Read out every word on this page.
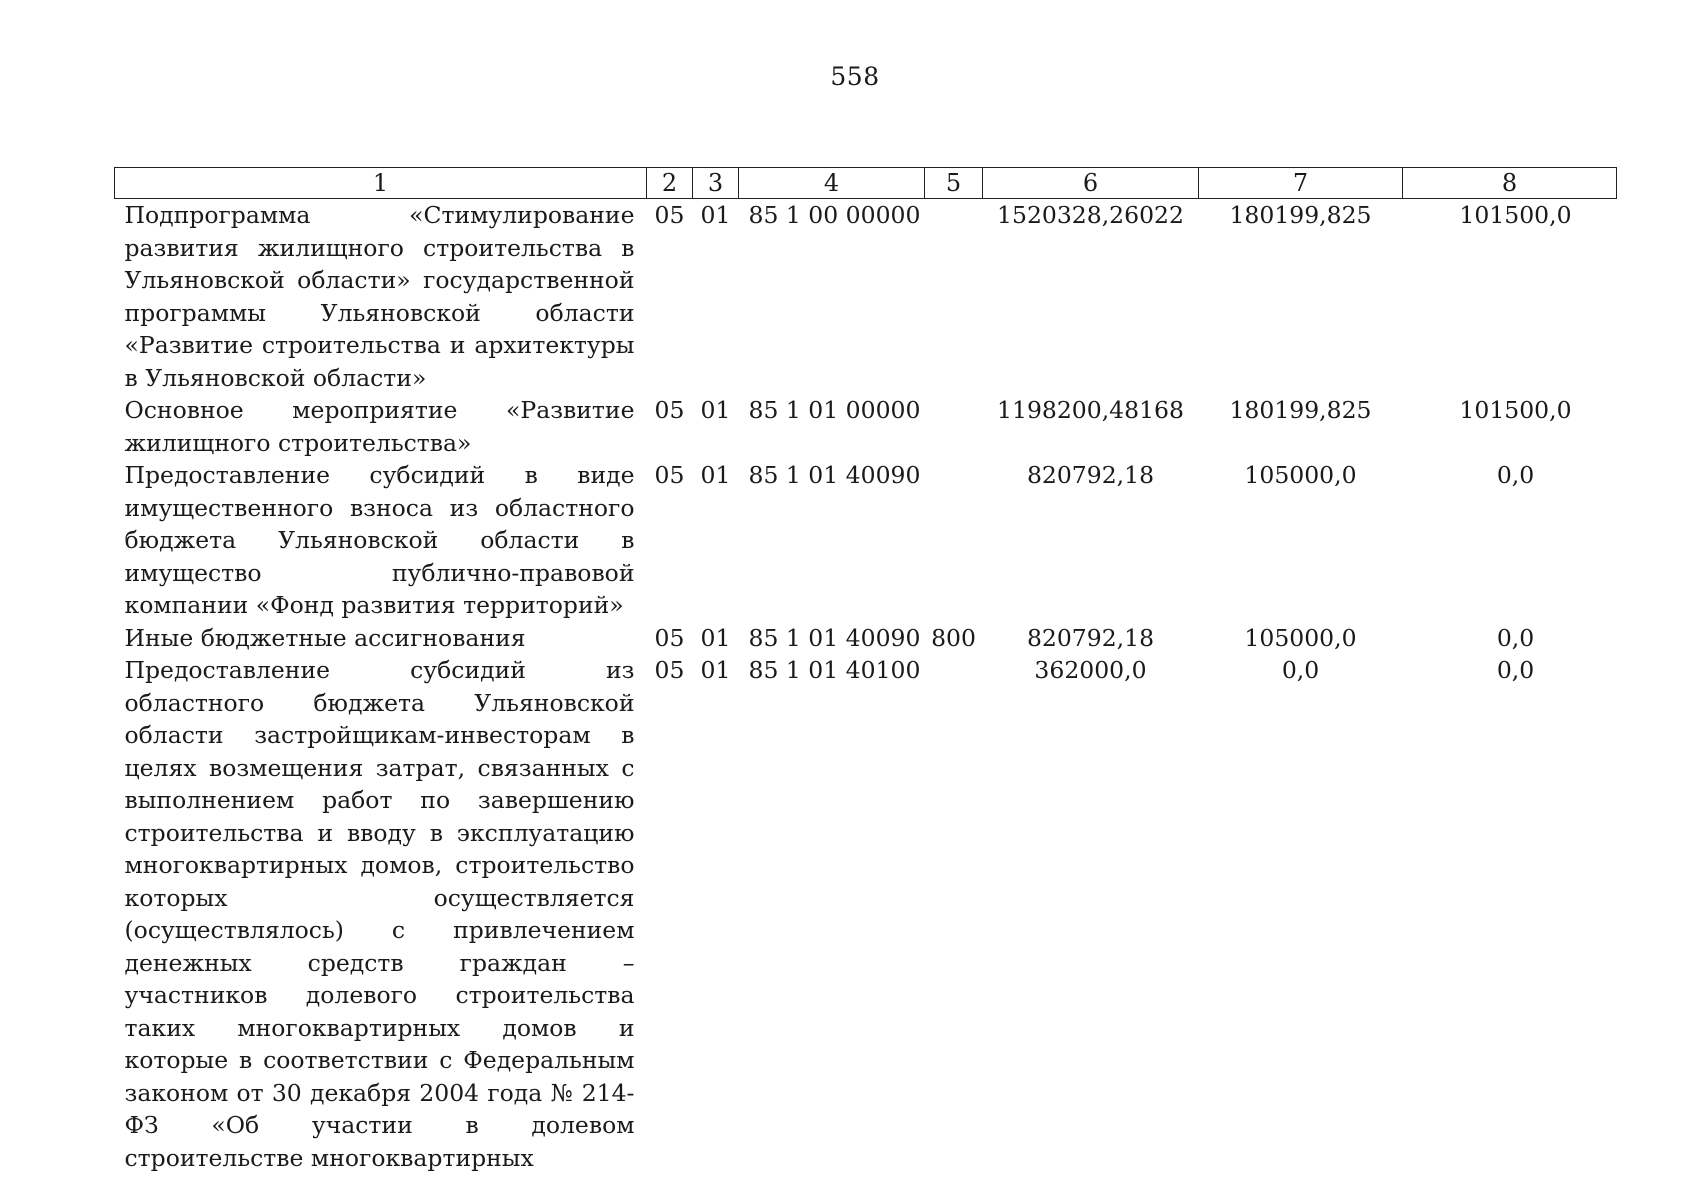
558
1	2	3	4	5	6	7	8
Подпрограмма «Стимулирование развития жилищного строительства в Ульяновской области» государственной программы Ульяновской области «Развитие строительства и архитектуры в Ульяновской области»	05	01	85 1 00 00000		1520328,26022	180199,825	101500,0
Основное мероприятие «Развитие жилищного строительства»	05	01	85 1 01 00000		1198200,48168	180199,825	101500,0
Предоставление субсидий в виде имущественного взноса из областного бюджета Ульяновской области в имущество публично-правовой компании «Фонд развития территорий»	05	01	85 1 01 40090		820792,18	105000,0	0,0
Иные бюджетные ассигнования	05	01	85 1 01 40090	800	820792,18	105000,0	0,0
Предоставление субсидий из областного бюджета Ульяновской области застройщикам-инвесторам в целях возмещения затрат, связанных с выполнением работ по завершению строительства и вводу в эксплуатацию многоквартирных домов, строительство которых осуществляется (осуществлялось) с привлечением денежных средств граждан – участников долевого строительства таких многоквартирных домов и которые в соответствии с Федеральным законом от 30 декабря 2004 года № 214-ФЗ «Об участии в долевом строительстве многоквартирных	05	01	85 1 01 40100		362000,0	0,0	0,0
